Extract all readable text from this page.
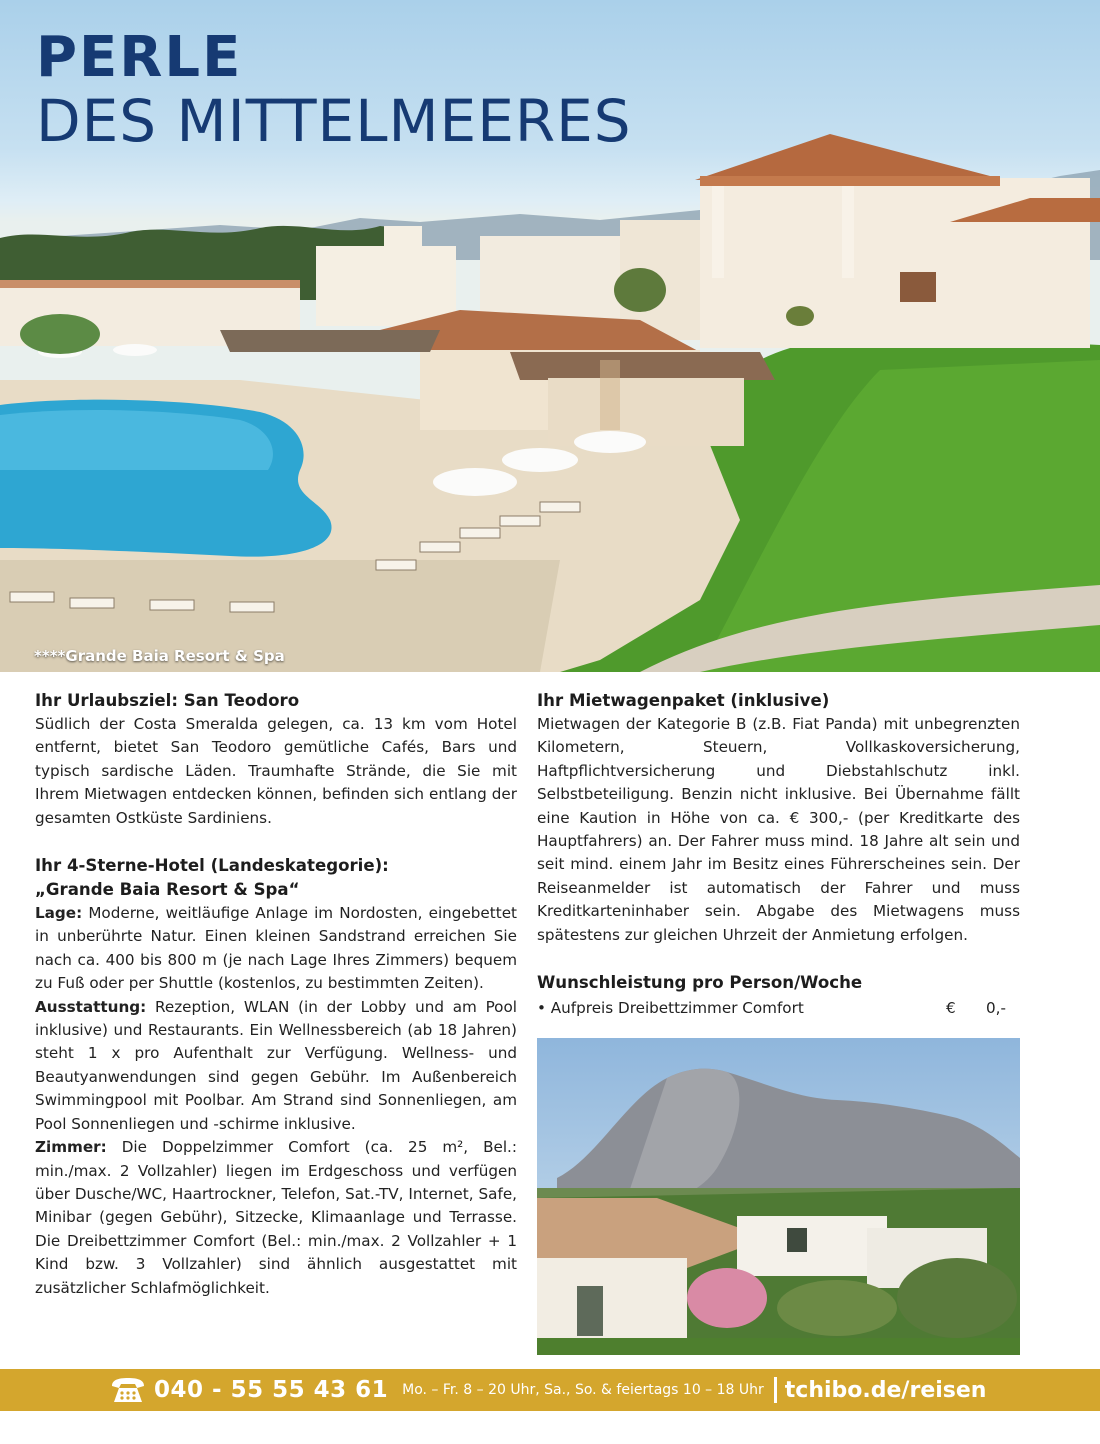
PERLE
DES MITTELMEERES
****Grande Baia Resort & Spa
Ihr Urlaubsziel: San Teodoro

Südlich der Costa Smeralda gelegen, ca. 13 km vom Hotel entfernt, bietet San Teodoro gemütliche Cafés, Bars und typisch sardische Läden. Traumhafte Strände, die Sie mit Ihrem Mietwagen entdecken können, befinden sich entlang der gesamten Ostküste Sardiniens.

Ihr 4-Sterne-Hotel (Landeskategorie):
„Grande Baia Resort & Spa“

Lage: Moderne, weitläufige Anlage im Nordosten, eingebettet in unberührte Natur. Einen kleinen Sandstrand erreichen Sie nach ca. 400 bis 800 m (je nach Lage Ihres Zimmers) bequem zu Fuß oder per Shuttle (kostenlos, zu bestimmten Zeiten).

Ausstattung: Rezeption, WLAN (in der Lobby und am Pool inklusive) und Restaurants. Ein Wellnessbereich (ab 18 Jahren) steht 1 x pro Aufenthalt zur Verfügung. Wellness- und Beautyanwendungen sind gegen Gebühr. Im Außenbereich Swimmingpool mit Poolbar. Am Strand sind Sonnenliegen, am Pool Sonnenliegen und -schirme inklusive.

Zimmer: Die Doppelzimmer Comfort (ca. 25 m², Bel.: min./max. 2 Vollzahler) liegen im Erdgeschoss und verfügen über Dusche/WC, Haartrockner, Telefon, Sat.-TV, Internet, Safe, Minibar (gegen Gebühr), Sitzecke, Klimaanlage und Terrasse. Die Dreibettzimmer Comfort (Bel.: min./max. 2 Vollzahler + 1 Kind bzw. 3 Vollzahler) sind ähnlich ausgestattet mit zusätzlicher Schlafmöglichkeit.

Ihr Mietwagenpaket (inklusive)

Mietwagen der Kategorie B (z.B. Fiat Panda) mit unbegrenzten Kilometern, Steuern, Vollkaskoversicherung, Haftpflichtversicherung und Diebstahlschutz inkl. Selbstbeteiligung. Benzin nicht inklusive. Bei Übernahme fällt eine Kaution in Höhe von ca. € 300,- (per Kreditkarte des Hauptfahrers) an. Der Fahrer muss mind. 18 Jahre alt sein und seit mind. einem Jahr im Besitz eines Führerscheines sein. Der Reiseanmelder ist automatisch der Fahrer und muss Kreditkarteninhaber sein. Abgabe des Mietwagens muss spätestens zur gleichen Uhrzeit der Anmietung erfolgen.

Wunschleistung pro Person/Woche
• Aufpreis Dreibettzimmer Comfort	€ 0,-
040 - 55 55 43 61 Mo. – Fr. 8 – 20 Uhr, Sa., So. & feiertags 10 – 18 Uhr tchibo.de/reisen
